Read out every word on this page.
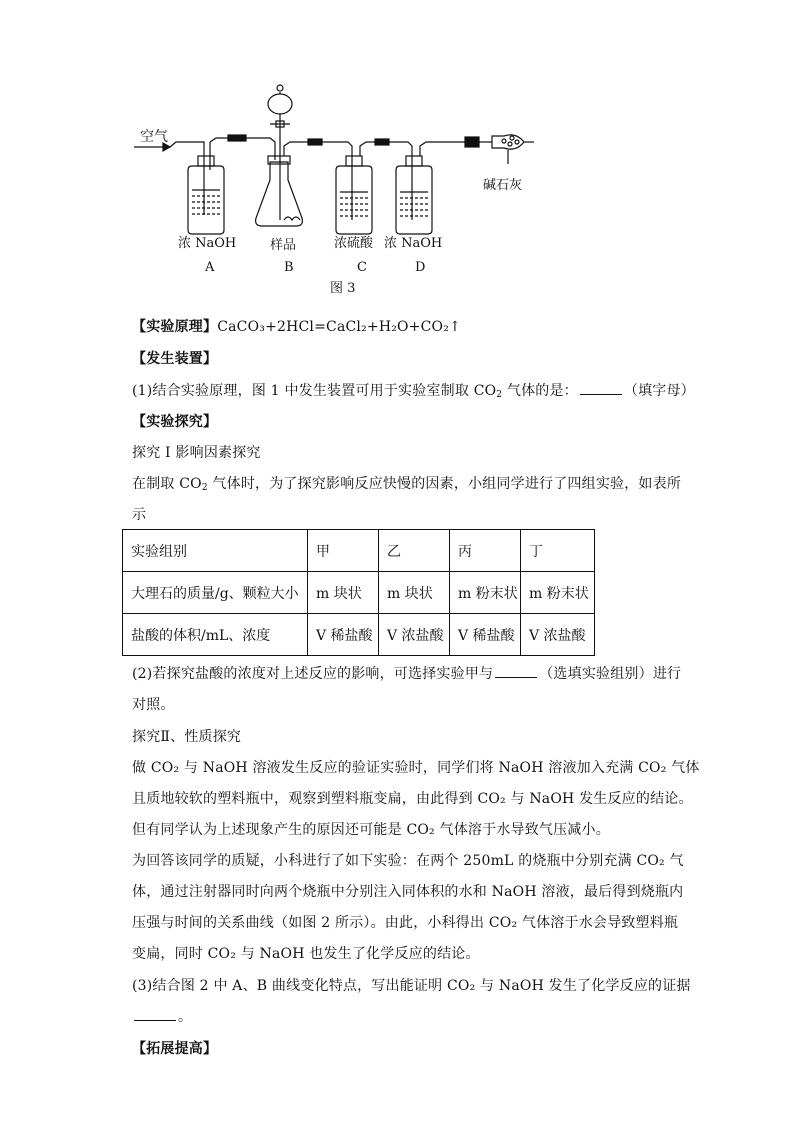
空气
碱石灰
浓 NaOH	样品	浓硫酸 浓 NaOH
A	B	C	D
图 3
【实验原理】CaCO₃+2HCl=CaCl₂+H₂O+CO₂↑
【发生装置】
(1)结合实验原理，图 1 中发生装置可用于实验室制取 $CO_2$ 气体的是：	（填字母）
【实验探究】
探究 I 影响因素探究
在制取 $CO_2$ 气体时，为了探究影响反应快慢的因素，小组同学进行了四组实验，如表所
示
实验组别	甲	乙	丙	丁
大理石的质量/g、颗粒大小	m 块状	m 块状	m 粉末状	m 粉末状
盐酸的体积/mL、浓度	V 稀盐酸	V 浓盐酸	V 稀盐酸	V 浓盐酸
(2)若探究盐酸的浓度对上述反应的影响，可选择实验甲与	（选填实验组别）进行
对照。
探究Ⅱ、性质探究
做 CO₂ 与 NaOH 溶液发生反应的验证实验时，同学们将 NaOH 溶液加入充满 CO₂ 气体
且质地较软的塑料瓶中，观察到塑料瓶变扁，由此得到 CO₂ 与 NaOH 发生反应的结论。
但有同学认为上述现象产生的原因还可能是 CO₂ 气体溶于水导致气压减小。
为回答该同学的质疑，小科进行了如下实验：在两个 250mL 的烧瓶中分别充满 CO₂ 气
体，通过注射器同时向两个烧瓶中分别注入同体积的水和 NaOH 溶液，最后得到烧瓶内
压强与时间的关系曲线（如图 2 所示）。由此，小科得出 CO₂ 气体溶于水会导致塑料瓶
变扁，同时 CO₂ 与 NaOH 也发生了化学反应的结论。
(3)结合图 2 中 A、B 曲线变化特点，写出能证明 CO₂ 与 NaOH 发生了化学反应的证据
。
【拓展提高】
